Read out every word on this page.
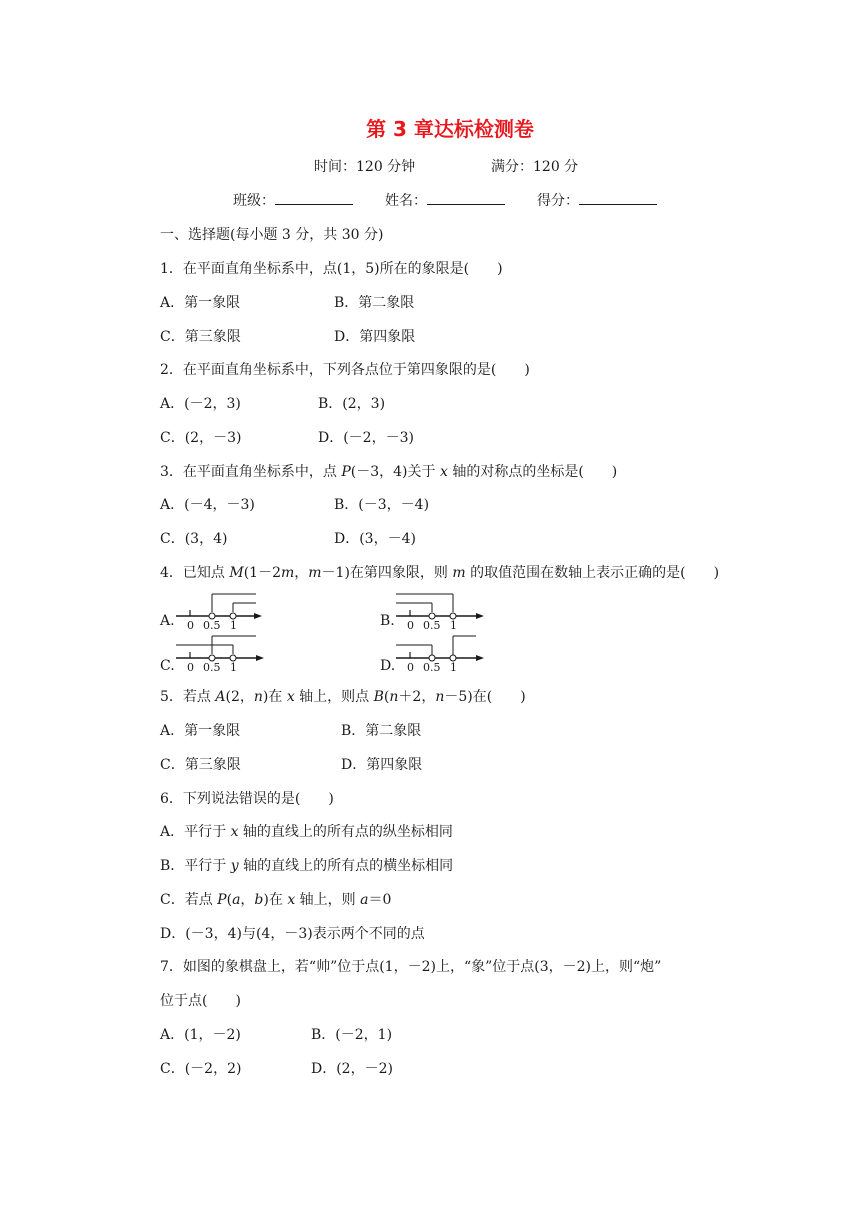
第 3 章达标检测卷
时间：120 分钟	满分：120 分
班级：	姓名：	得分：
一、选择题(每小题 3 分，共 30 分)
1．在平面直角坐标系中，点(1，5)所在的象限是(　　)
A．第一象限	B．第二象限
C．第三象限	D．第四象限
2．在平面直角坐标系中，下列各点位于第四象限的是(　　)
A．(－2，3)	B．(2，3)
C．(2，－3)	D．(－2，－3)
3．在平面直角坐标系中，点 P(－3，4)关于 x 轴的对称点的坐标是(　　)
A．(－4，－3)	B．(－3，－4)
C．(3，4)	D．(3，－4)
4．已知点 M(1－2m，m－1)在第四象限，则 m 的取值范围在数轴上表示正确的是(　　)
A. 0 0.5 1	B. 0 0.5 1
C. 0 0.5 1	D. 0 0.5 1
5．若点 A(2，n)在 x 轴上，则点 B(n＋2，n－5)在(　　)
A．第一象限	B．第二象限
C．第三象限	D．第四象限
6．下列说法错误的是(　　)
A．平行于 x 轴的直线上的所有点的纵坐标相同
B．平行于 y 轴的直线上的所有点的横坐标相同
C．若点 P(a，b)在 x 轴上，则 a＝0
D．(－3，4)与(4，－3)表示两个不同的点
7．如图的象棋盘上，若“帅”位于点(1，－2)上，“象”位于点(3，－2)上，则“炮”
位于点(　　)
A．(1，－2)	B．(－2，1)
C．(－2，2)	D．(2，－2)
